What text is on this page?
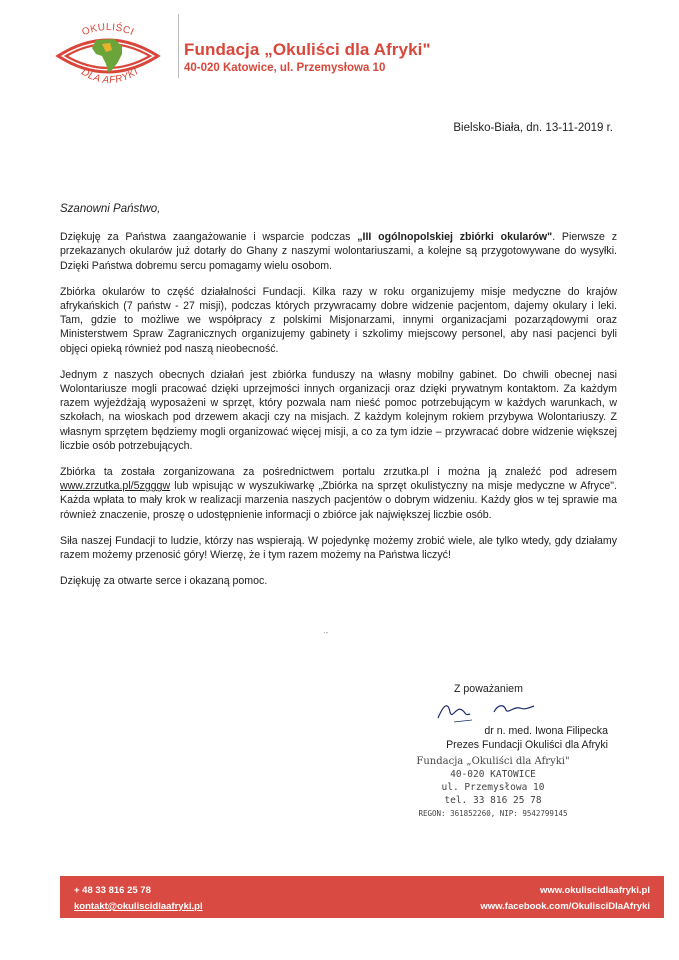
OKULIŚCI
DLA AFRYKI
Fundacja „Okuliści dla Afryki"
40-020 Katowice, ul. Przemysłowa 10
Bielsko-Biała, dn. 13-11-2019 r.
Szanowni Państwo,

Dziękuję za Państwa zaangażowanie i wsparcie podczas „III ogólnopolskiej zbiórki okularów". Pierwsze z przekazanych okularów już dotarły do Ghany z naszymi wolontariuszami, a kolejne są przygotowywane do wysyłki. Dzięki Państwa dobremu sercu pomagamy wielu osobom.

Zbiórka okularów to część działalności Fundacji. Kilka razy w roku organizujemy misje medyczne do krajów afrykańskich (7 państw - 27 misji), podczas których przywracamy dobre widzenie pacjentom, dajemy okulary i leki. Tam, gdzie to możliwe we współpracy z polskimi Misjonarzami, innymi organizacjami pozarządowymi oraz Ministerstwem Spraw Zagranicznych organizujemy gabinety i szkolimy miejscowy personel, aby nasi pacjenci byli objęci opieką również pod naszą nieobecność.

Jednym z naszych obecnych działań jest zbiórka funduszy na własny mobilny gabinet. Do chwili obecnej nasi Wolontariusze mogli pracować dzięki uprzejmości innych organizacji oraz dzięki prywatnym kontaktom. Za każdym razem wyjeżdżają wyposażeni w sprzęt, który pozwala nam nieść pomoc potrzebującym w każdych warunkach, w szkołach, na wioskach pod drzewem akacji czy na misjach. Z każdym kolejnym rokiem przybywa Wolontariuszy. Z własnym sprzętem będziemy mogli organizować więcej misji, a co za tym idzie – przywracać dobre widzenie większej liczbie osób potrzebujących.

Zbiórka ta została zorganizowana za pośrednictwem portalu zrzutka.pl i można ją znaleźć pod adresem www.zrzutka.pl/5zgggw lub wpisując w wyszukiwarkę „Zbiórka na sprzęt okulistyczny na misje medyczne w Afryce". Każda wpłata to mały krok w realizacji marzenia naszych pacjentów o dobrym widzeniu. Każdy głos w tej sprawie ma również znaczenie, proszę o udostępnienie informacji o zbiórce jak największej liczbie osób.

Siła naszej Fundacji to ludzie, którzy nas wspierają. W pojedynkę możemy zrobić wiele, ale tylko wtedy, gdy działamy razem możemy przenosić góry! Wierzę, że i tym razem możemy na Państwa liczyć!

Dziękuję za otwarte serce i okazaną pomoc.

·-
Z poważaniem
dr n. med. Iwona Filipecka
Prezes Fundacji Okuliści dla Afryki
Fundacja „Okuliści dla Afryki"
40-020 KATOWICE
ul. Przemysłowa 10
tel. 33 816 25 78
REGON: 361852260, NIP: 9542799145
+ 48 33 816 25 78
kontakt@okuliscidlaafryki.pl
www.okuliscidlaafryki.pl
www.facebook.com/OkulisciDlaAfryki
